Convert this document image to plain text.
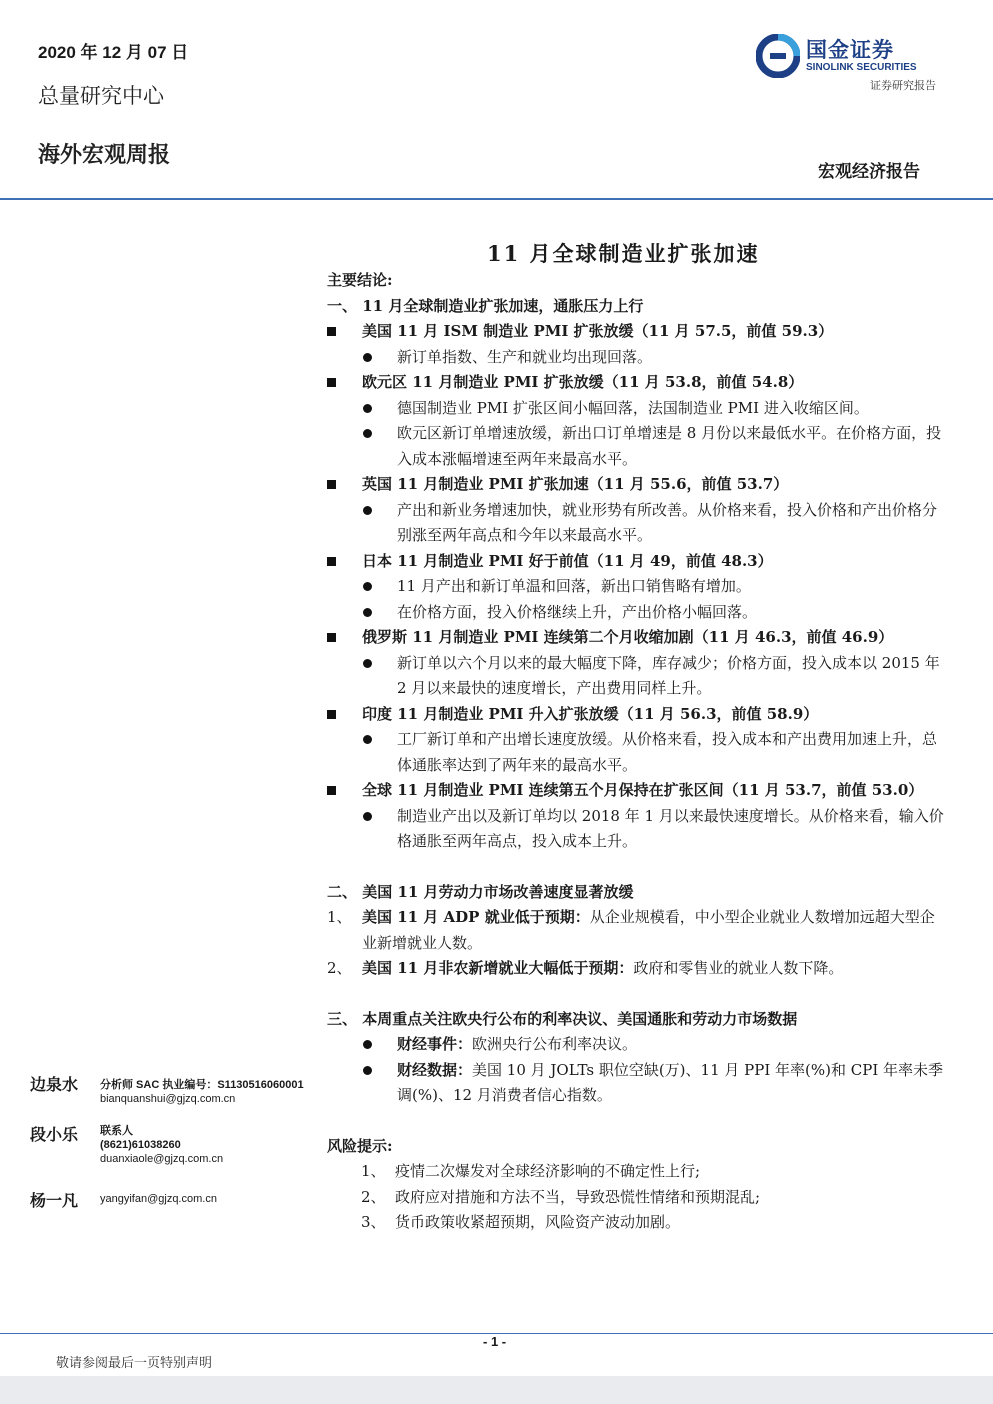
2020 年 12 月 07 日
总量研究中心
海外宏观周报
国金证券
SINOLINK SECURITIES
证券研究报告
宏观经济报告
11 月全球制造业扩张加速

主要结论:

一、 11 月全球制造业扩张加速，通胀压力上行

美国 11 月 ISM 制造业 PMI 扩张放缓（11 月 57.5，前值 59.3）
新订单指数、生产和就业均出现回落。
欧元区 11 月制造业 PMI 扩张放缓（11 月 53.8，前值 54.8）
德国制造业 PMI 扩张区间小幅回落，法国制造业 PMI 进入收缩区间。
欧元区新订单增速放缓，新出口订单增速是 8 月份以来最低水平。在价格方面，投入成本涨幅增速至两年来最高水平。
英国 11 月制造业 PMI 扩张加速（11 月 55.6，前值 53.7）
产出和新业务增速加快，就业形势有所改善。从价格来看，投入价格和产出价格分别涨至两年高点和今年以来最高水平。
日本 11 月制造业 PMI 好于前值（11 月 49，前值 48.3）
11 月产出和新订单温和回落，新出口销售略有增加。
在价格方面，投入价格继续上升，产出价格小幅回落。
俄罗斯 11 月制造业 PMI 连续第二个月收缩加剧（11 月 46.3，前值 46.9）
新订单以六个月以来的最大幅度下降，库存减少；价格方面，投入成本以 2015 年 2 月以来最快的速度增长，产出费用同样上升。
印度 11 月制造业 PMI 升入扩张放缓（11 月 56.3，前值 58.9）
工厂新订单和产出增长速度放缓。从价格来看，投入成本和产出费用加速上升，总体通胀率达到了两年来的最高水平。
全球 11 月制造业 PMI 连续第五个月保持在扩张区间（11 月 53.7，前值 53.0）
制造业产出以及新订单均以 2018 年 1 月以来最快速度增长。从价格来看，输入价格通胀至两年高点，投入成本上升。

二、 美国 11 月劳动力市场改善速度显著放缓

1、 美国 11 月 ADP 就业低于预期：从企业规模看，中小型企业就业人数增加远超大型企业新增就业人数。
2、 美国 11 月非农新增就业大幅低于预期：政府和零售业的就业人数下降。

三、 本周重点关注欧央行公布的利率决议、美国通胀和劳动力市场数据

财经事件：欧洲央行公布利率决议。
财经数据：美国 10 月 JOLTs 职位空缺(万)、11 月 PPI 年率(%)和 CPI 年率未季调(%)、12 月消费者信心指数。

风险提示:

1、 疫情二次爆发对全球经济影响的不确定性上行;
2、 政府应对措施和方法不当，导致恐慌性情绪和预期混乱;
3、 货币政策收紧超预期，风险资产波动加剧。
边泉水 分析师 SAC 执业编号：S1130516060001
bianquanshui@gjzq.com.cn
段小乐 联系人
(8621)61038260
duanxiaole@gjzq.com.cn
杨一凡 yangyifan@gjzq.com.cn
- 1 -
敬请参阅最后一页特别声明
